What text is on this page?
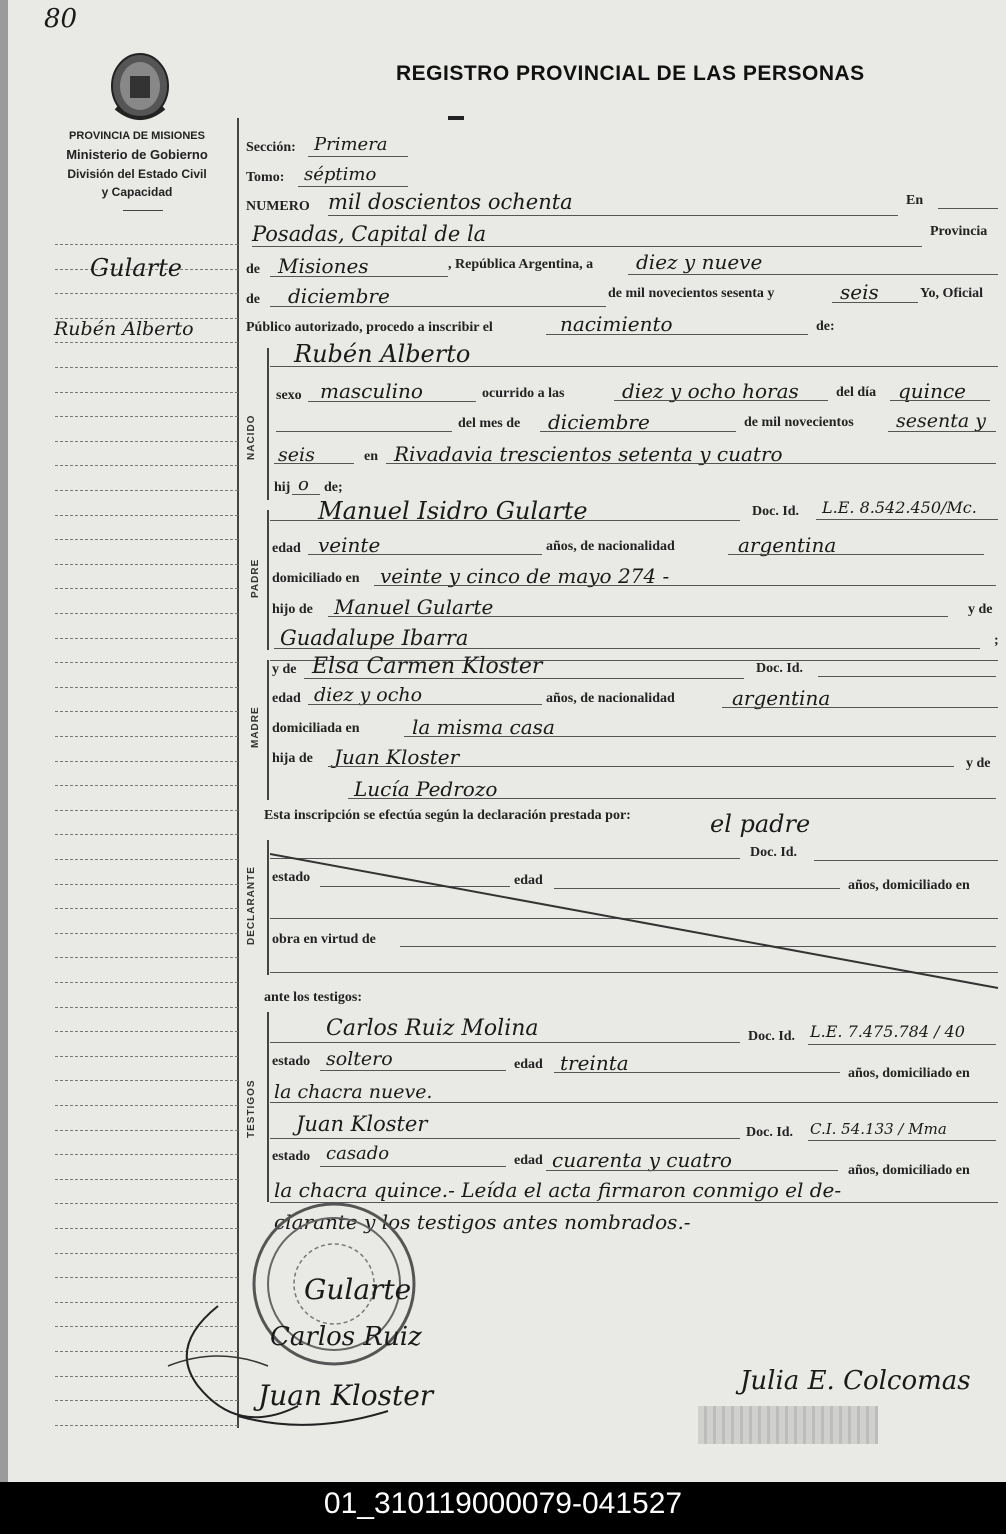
80
REGISTRO PROVINCIAL DE LAS PERSONAS
PROVINCIA DE MISIONES
Ministerio de Gobierno
División del Estado Civil
y Capacidad
Gularte
Rubén Alberto
Sección: Primera
Tomo: séptimo
NUMERO mil doscientos ochenta	En
Posadas, Capital de la	Provincia
de Misiones	, República Argentina, a diez y nueve
de diciembre	de mil novecientos sesenta y	seis	Yo, Oficial
Público autorizado, procedo a inscribir el	nacimiento	de:
NACIDO
Rubén Alberto
sexo masculino	ocurrido a las	diez y ocho horas	del día quince
del mes de diciembre	de mil novecientos sesenta y
seis	en Rivadavia trescientos setenta y cuatro
hij o de;
PADRE
Manuel Isidro Gularte	Doc. Id. L.E. 8.542.450/Mc.
edad veinte	años, de nacionalidad	argentina
domiciliado en veinte y cinco de mayo 274 -
hijo de Manuel Gularte	y de
Guadalupe Ibarra	;
MADRE
y de Elsa Carmen Kloster	Doc. Id.
edad diez y ocho	años, de nacionalidad	argentina
domiciliada en	la misma casa
hija de Juan Kloster	y de
Lucía Pedrozo
Esta inscripción se efectúa según la declaración prestada por:	el padre
DECLARANTE
Doc. Id.
estado	edad	años, domiciliado en
obra en virtud de
ante los testigos:
TESTIGOS
Carlos Ruiz Molina	Doc. Id. L.E. 7.475.784 / 40
estado soltero	edad treinta	años, domiciliado en
la chacra nueve.
Juan Kloster	Doc. Id. C.I. 54.133 / Mma
estado casado	edad cuarenta y cuatro	años, domiciliado en
la chacra quince.- Leída el acta firmaron conmigo el de-
clarante y los testigos antes nombrados.-
Gularte
Carlos Ruiz
Juan Kloster	Julia E. Colcomas
01_310119000079-041527
